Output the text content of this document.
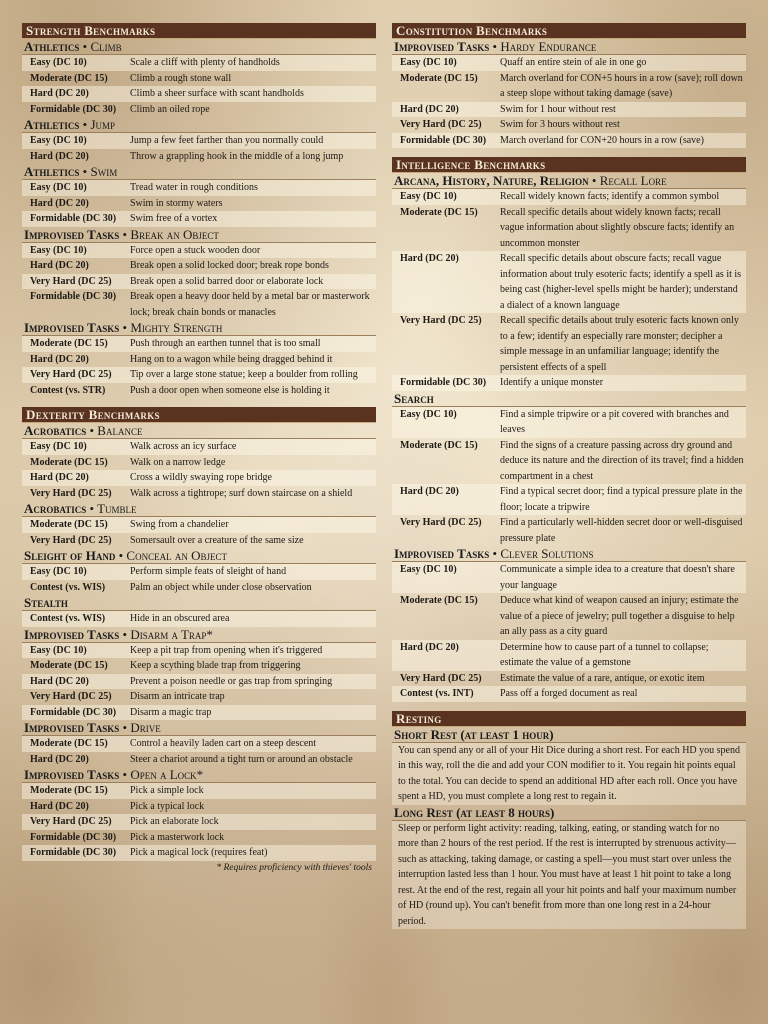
Strength Benchmarks
Athletics • Climb
Easy (DC 10)	Scale a cliff with plenty of handholds
Moderate (DC 15)	Climb a rough stone wall
Hard (DC 20)	Climb a sheer surface with scant handholds
Formidable (DC 30)	Climb an oiled rope
Athletics • Jump
Easy (DC 10)	Jump a few feet farther than you normally could
Hard (DC 20)	Throw a grappling hook in the middle of a long jump
Athletics • Swim
Easy (DC 10)	Tread water in rough conditions
Hard (DC 20)	Swim in stormy waters
Formidable (DC 30)	Swim free of a vortex
Improvised Tasks • Break an Object
Easy (DC 10)	Force open a stuck wooden door
Hard (DC 20)	Break open a solid locked door; break rope bonds
Very Hard (DC 25)	Break open a solid barred door or elaborate lock
Formidable (DC 30)	Break open a heavy door held by a metal bar or masterwork lock; break chain bonds or manacles
Improvised Tasks • Mighty Strength
Moderate (DC 15)	Push through an earthen tunnel that is too small
Hard (DC 20)	Hang on to a wagon while being dragged behind it
Very Hard (DC 25)	Tip over a large stone statue; keep a boulder from rolling
Contest (vs. STR)	Push a door open when someone else is holding it
Dexterity Benchmarks
Acrobatics • Balance
Easy (DC 10)	Walk across an icy surface
Moderate (DC 15)	Walk on a narrow ledge
Hard (DC 20)	Cross a wildly swaying rope bridge
Very Hard (DC 25)	Walk across a tightrope; surf down staircase on a shield
Acrobatics • Tumble
Moderate (DC 15)	Swing from a chandelier
Very Hard (DC 25)	Somersault over a creature of the same size
Sleight of Hand • Conceal an Object
Easy (DC 10)	Perform simple feats of sleight of hand
Contest (vs. WIS)	Palm an object while under close observation
Stealth
Contest (vs. WIS)	Hide in an obscured area
Improvised Tasks • Disarm a Trap*
Easy (DC 10)	Keep a pit trap from opening when it's triggered
Moderate (DC 15)	Keep a scything blade trap from triggering
Hard (DC 20)	Prevent a poison needle or gas trap from springing
Very Hard (DC 25)	Disarm an intricate trap
Formidable (DC 30)	Disarm a magic trap
Improvised Tasks • Drive
Moderate (DC 15)	Control a heavily laden cart on a steep descent
Hard (DC 20)	Steer a chariot around a tight turn or around an obstacle
Improvised Tasks • Open a Lock*
Moderate (DC 15)	Pick a simple lock
Hard (DC 20)	Pick a typical lock
Very Hard (DC 25)	Pick an elaborate lock
Formidable (DC 30)	Pick a masterwork lock
Formidable (DC 30)	Pick a magical lock (requires feat)
* Requires proficiency with thieves' tools
Constitution Benchmarks
Improvised Tasks • Hardy Endurance
Easy (DC 10)	Quaff an entire stein of ale in one go
Moderate (DC 15)	March overland for CON+5 hours in a row (save); roll down a steep slope without taking damage (save)
Hard (DC 20)	Swim for 1 hour without rest
Very Hard (DC 25)	Swim for 3 hours without rest
Formidable (DC 30)	March overland for CON+20 hours in a row (save)
Intelligence Benchmarks
Arcana, History, Nature, Religion • Recall Lore
Easy (DC 10)	Recall widely known facts; identify a common symbol
Moderate (DC 15)	Recall specific details about widely known facts; recall vague information about slightly obscure facts; identify an uncommon monster
Hard (DC 20)	Recall specific details about obscure facts; recall vague information about truly esoteric facts; identify a spell as it is being cast (higher-level spells might be harder); understand a dialect of a known language
Very Hard (DC 25)	Recall specific details about truly esoteric facts known only to a few; identify an especially rare monster; decipher a simple message in an unfamiliar language; identify the persistent effects of a spell
Formidable (DC 30)	Identify a unique monster
Search
Easy (DC 10)	Find a simple tripwire or a pit covered with branches and leaves
Moderate (DC 15)	Find the signs of a creature passing across dry ground and deduce its nature and the direction of its travel; find a hidden compartment in a chest
Hard (DC 20)	Find a typical secret door; find a typical pressure plate in the floor; locate a tripwire
Very Hard (DC 25)	Find a particularly well-hidden secret door or well-disguised pressure plate
Improvised Tasks • Clever Solutions
Easy (DC 10)	Communicate a simple idea to a creature that doesn't share your language
Moderate (DC 15)	Deduce what kind of weapon caused an injury; estimate the value of a piece of jewelry; pull together a disguise to help an ally pass as a city guard
Hard (DC 20)	Determine how to cause part of a tunnel to collapse; estimate the value of a gemstone
Very Hard (DC 25)	Estimate the value of a rare, antique, or exotic item
Contest (vs. INT)	Pass off a forged document as real
Resting
Short Rest (at least 1 hour)
You can spend any or all of your Hit Dice during a short rest. For each HD you spend in this way, roll the die and add your CON modifier to it. You regain hit points equal to the total. You can decide to spend an additional HD after each roll. Once you have spent a HD, you must complete a long rest to regain it.
Long Rest (at least 8 hours)
Sleep or perform light activity: reading, talking, eating, or standing watch for no more than 2 hours of the rest period. If the rest is interrupted by strenuous activity—such as attacking, taking damage, or casting a spell—you must start over unless the interruption lasted less than 1 hour. You must have at least 1 hit point to take a long rest. At the end of the rest, regain all your hit points and half your maximum number of HD (round up). You can't benefit from more than one long rest in a 24-hour period.
